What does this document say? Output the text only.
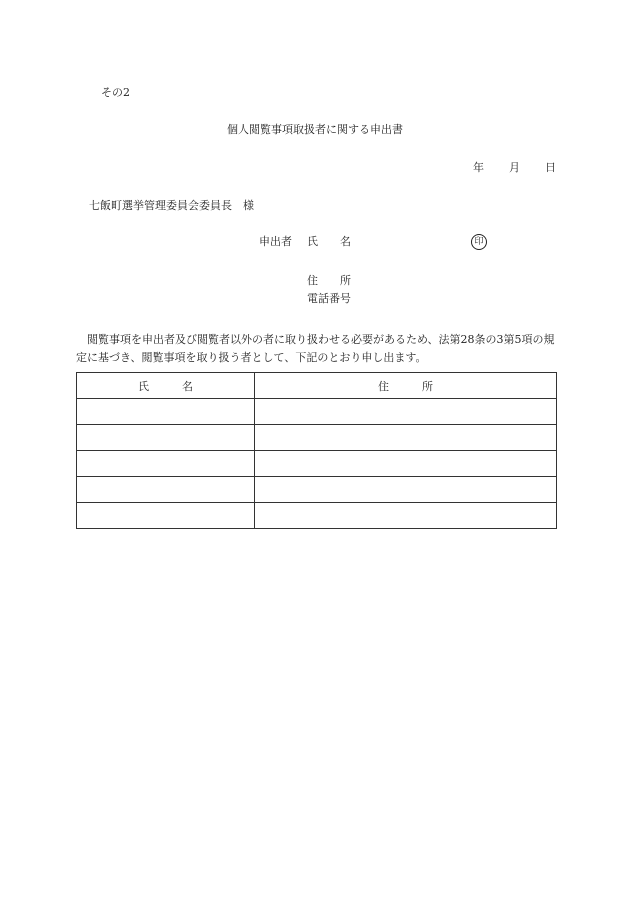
その2
個人閲覧事項取扱者に関する申出書
年 月 日
七飯町選挙管理委員会委員長　様
申出者 氏　　名	印
住　　所
電話番号

閲覧事項を申出者及び閲覧者以外の者に取り扱わせる必要があるため、法第28条の3第5項の規定に基づき、閲覧事項を取り扱う者として、下記のとおり申し出ます。

氏　　　名	住　　　所
